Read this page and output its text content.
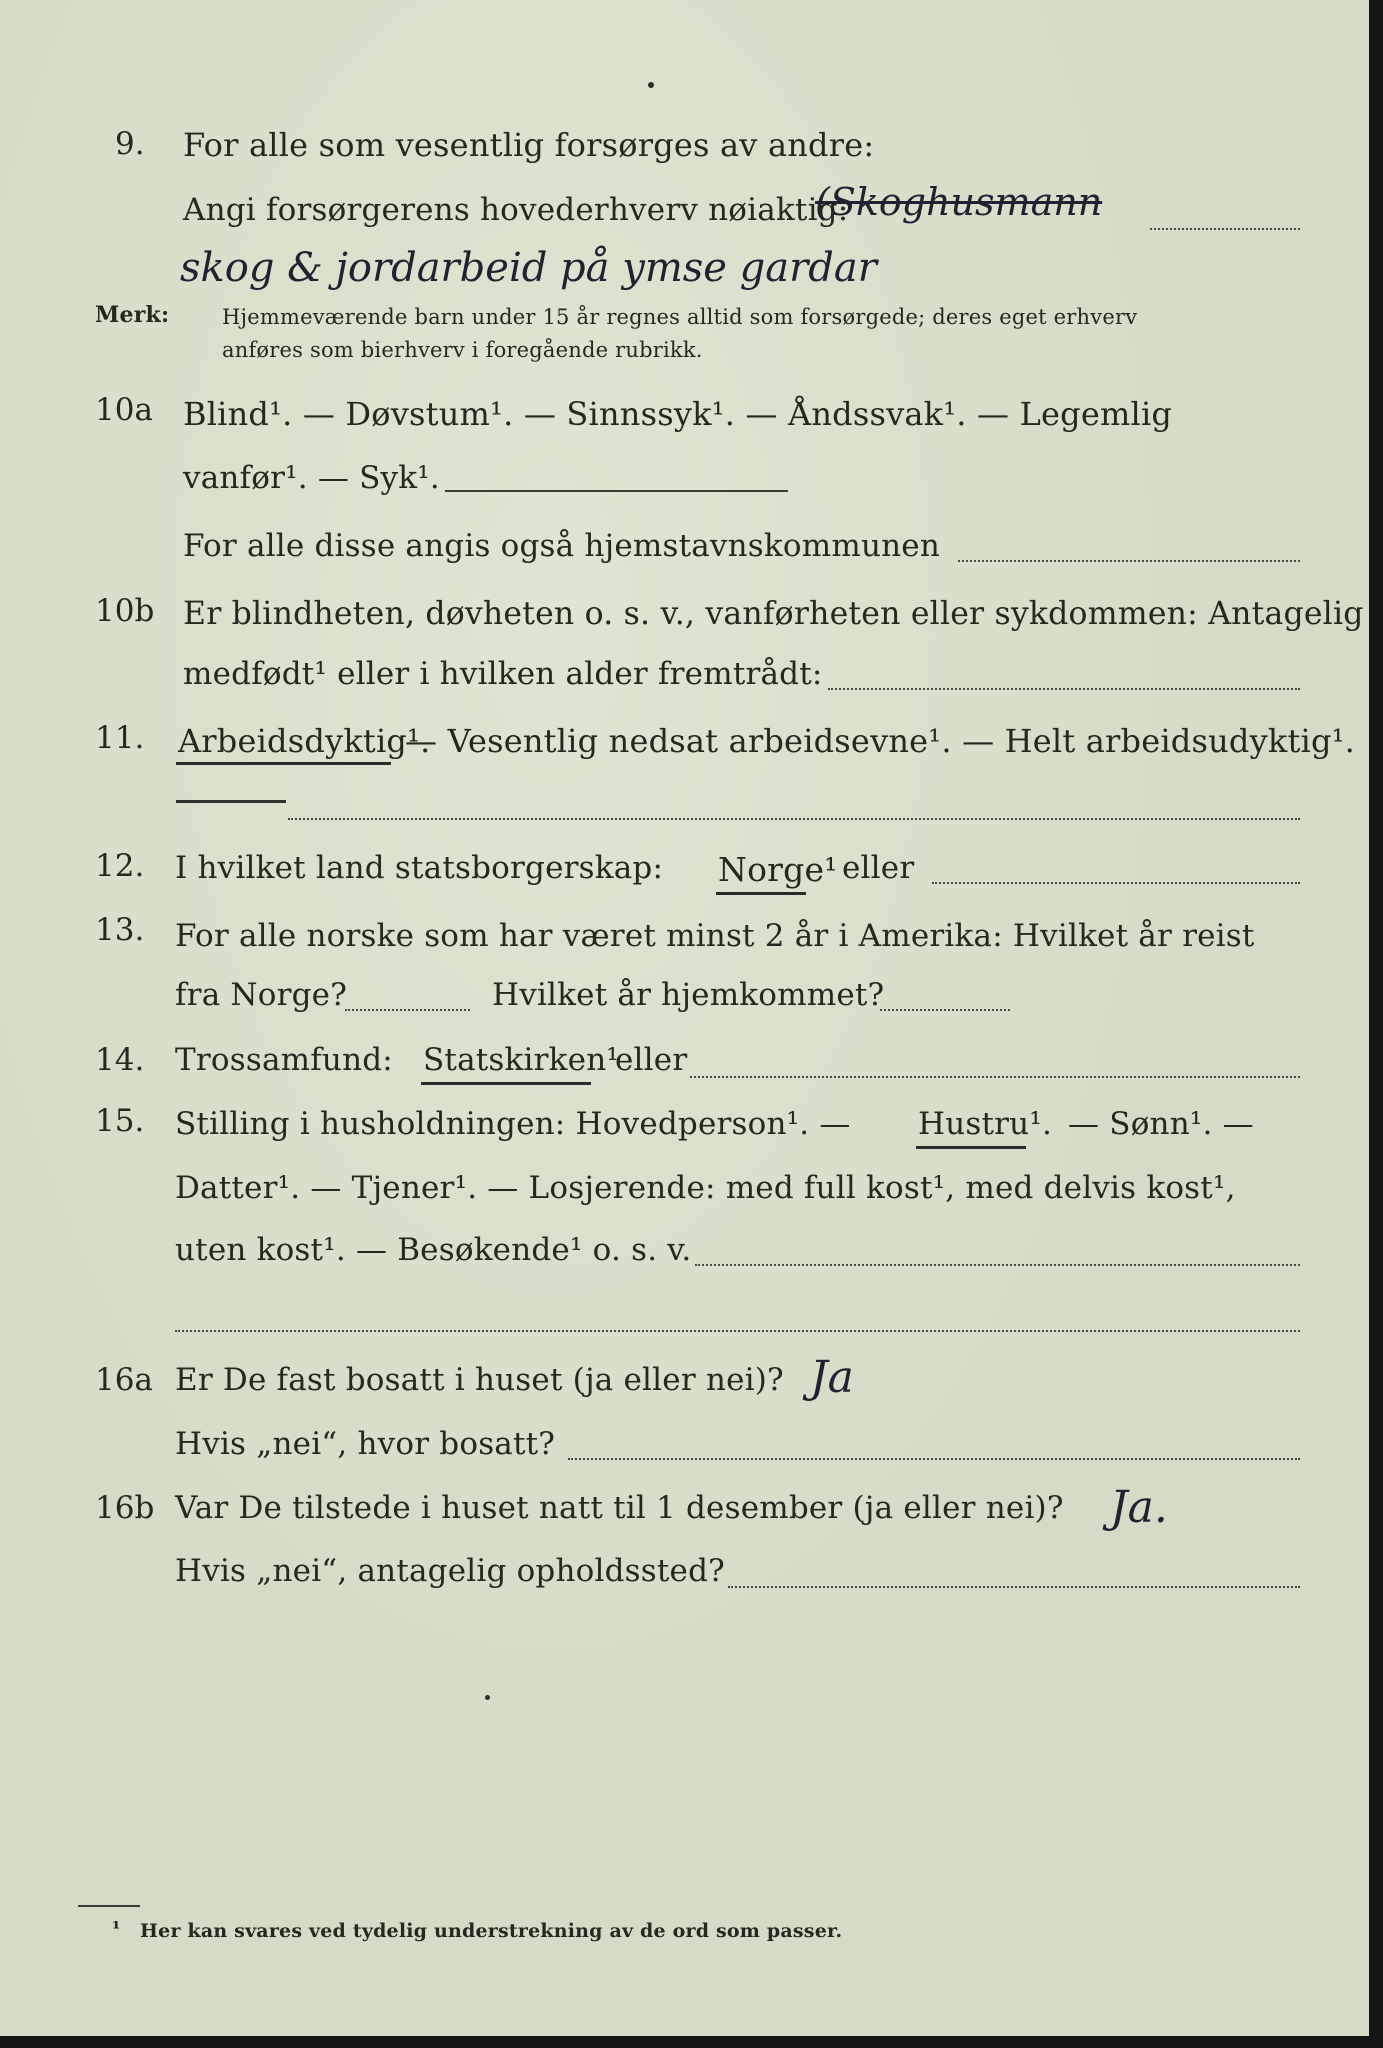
9. For alle som vesentlig forsørges av andre:
Angi forsørgerens hovederhverv nøiaktig:
(Skoghusmann
skog & jordarbeid på ymse gardar
Merk:	Hjemmeværende barn under 15 år regnes alltid som forsørgede; deres eget erhverv
anføres som bierhverv i foregående rubrikk.
10a Blind¹. — Døvstum¹. — Sinnssyk¹. — Åndssvak¹. — Legemlig
vanfør¹. — Syk¹.
For alle disse angis også hjemstavnskommunen
10b Er blindheten, døvheten o. s. v., vanførheten eller sykdommen: Antagelig
medfødt¹ eller i hvilken alder fremtrådt:
11. Arbeidsdyktig¹.
— Vesentlig nedsat arbeidsevne¹. — Helt arbeidsudyktig¹.
12. I hvilket land statsborgerskap: Norge¹ eller
13. For alle norske som har været minst 2 år i Amerika: Hvilket år reist
fra Norge?	Hvilket år hjemkommet?
14. Trossamfund: Statskirken¹
eller
15. Stilling i husholdningen: Hovedperson¹. — Hustru¹. — Sønn¹. —
Datter¹. — Tjener¹. — Losjerende: med full kost¹, med delvis kost¹,
uten kost¹. — Besøkende¹ o. s. v.
16a Er De fast bosatt i huset (ja eller nei)? Ja
Hvis „nei“, hvor bosatt?
16b Var De tilstede i huset natt til 1 desember (ja eller nei)? Ja.
Hvis „nei“, antagelig opholdssted?
¹ Her kan svares ved tydelig understrekning av de ord som passer.
